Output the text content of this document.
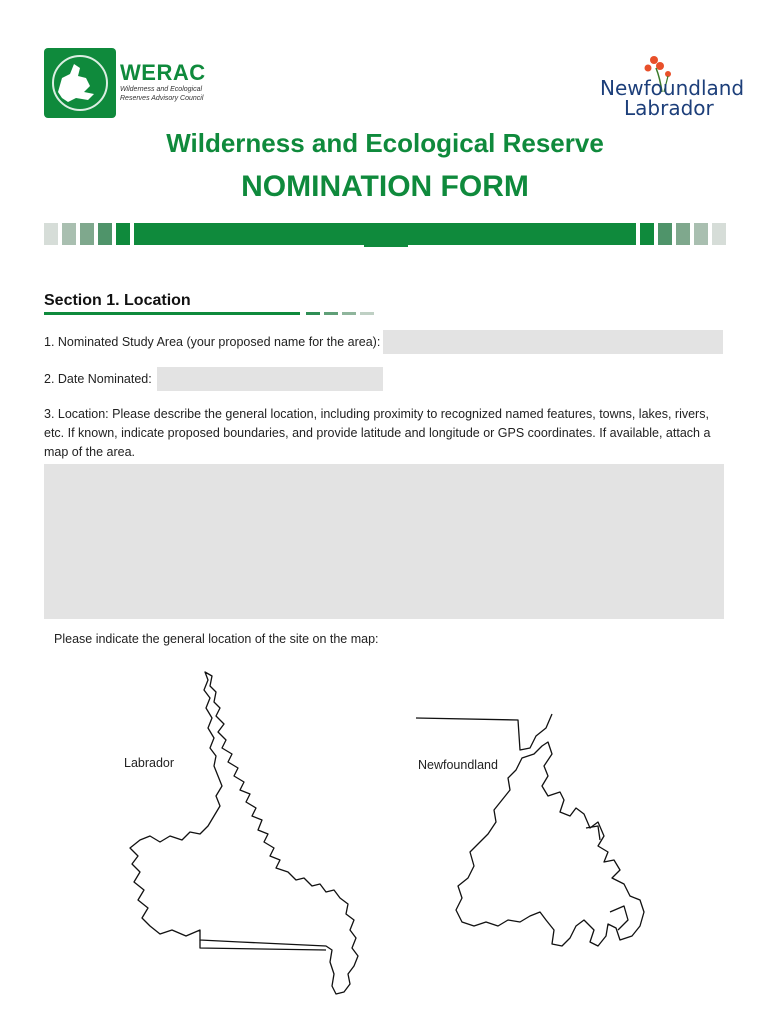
WERAC
Wilderness and Ecological Reserves Advisory Council	Newfoundland
Labrador
Wilderness and Ecological Reserve
NOMINATION FORM
Section 1. Location
1. Nominated Study Area (your proposed name for the area):
2. Date Nominated:
3. Location: Please describe the general location, including proximity to recognized named features, towns, lakes, rivers, etc. If known, indicate proposed boundaries, and provide latitude and longitude or GPS coordinates. If available, attach a map of the area.
Please indicate the general location of the site on the map:
Labrador	Newfoundland
